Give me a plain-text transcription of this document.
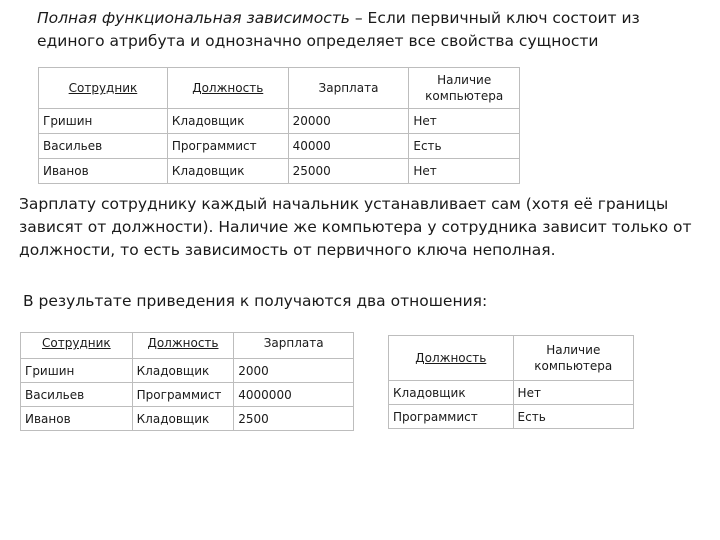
Полная функциональная зависимость – Если первичный ключ состоит из единого атрибута и однозначно определяет все свойства сущности

Сотрудник	Должность	Зарплата	Наличие компьютера
Гришин	Кладовщик	20000	Нет
Васильев	Программист	40000	Есть
Иванов	Кладовщик	25000	Нет

Зарплату сотруднику каждый начальник устанавливает сам (хотя её границы зависят от должности). Наличие же компьютера у сотрудника зависит только от должности, то есть зависимость от первичного ключа неполная.

В результате приведения к получаются два отношения:

Сотрудник	Должность	Зарплата
Гришин	Кладовщик	2000
Васильев	Программист	4000000
Иванов	Кладовщик	2500
Должность	Наличие компьютера
Кладовщик	Нет
Программист	Есть
